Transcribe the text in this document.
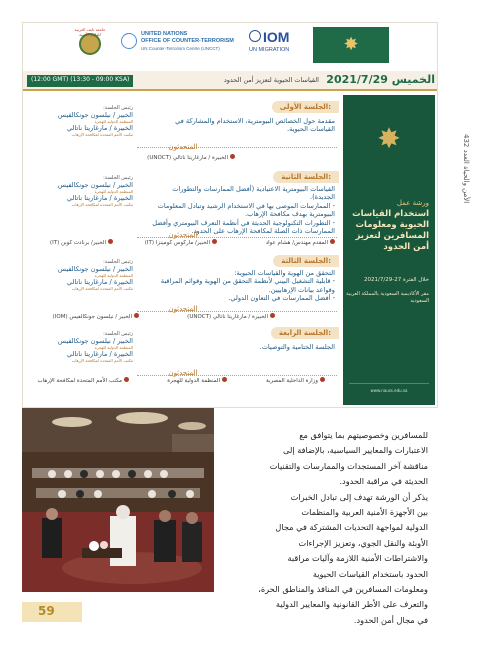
✸
IOM
UN MIGRATION
UNITED NATIONS
OFFICE OF COUNTER-TERRORISM
UN Counter-Terrorism Centre (UNCCT)
جامعة نايف العربية للعلوم الأمنية
الخميس 2021/7/29
القياسات الحيوية لتعزيز أمن الحدود
(12:00 GMT) (13:30 - 09:00 KSA)
✸
ورشة عمل
استخدام القياسات الحيوية ومعلومات المسافرين لتعزيز أمن الحدود
خلال الفترة 27-2021/7/29
مقر الأكاديمية السعودية بالمملكة العربية السعودية
www.nauss.edu.sa
الجلسة الأولى:
مقدمة حول الخصائص البيومترية، الاستخدام والمشاركة في
القياسات الحيوية.
رئيس الجلسة:
الخبير / نيلسون جونكالفيس
المنظمة الدولية للهجرة
الخبيرة / مارغاريتا ناتالي
مكتب الأمم المتحدة لمكافحة الإرهاب
المتحدثون
الخبيرة / مارغاريتا ناتالي (UNOCT)
الجلسة الثانية:
القياسات البيومترية الاعتيادية (أفضل الممارسات والتطورات
الجديدة).
- الممارسات الموصى بها في الاستخدام الرشيد وتبادل المعلومات
البيومترية بهدف مكافحة الإرهاب.
- التطورات التكنولوجية الحديثة في أنظمة التعرف البيومتري وأفضل
الممارسات ذات الصلة لمكافحة الإرهاب على الحدود.
رئيس الجلسة:
الخبير / نيلسون جونكالفيس
المنظمة الدولية للهجرة
الخبيرة / مارغاريتا ناتالي
مكتب الأمم المتحدة لمكافحة الإرهاب
المتحدثون
المقدم مهندس/ هشام عواد
الخبير/ ماركوس كومينزا (IT)
الخبير/ برنادت كوبن (IT)
الجلسة الثالثة:
التحقق من الهوية والقياسات الحيوية:
- قابلية التشغيل البيني لأنظمة التحقق من الهوية وقوائم المراقبة
وقواعد بيانات الإرهابيين.
- أفضل الممارسات في التعاون الدولي.
رئيس الجلسة:
الخبير / نيلسون جونكالفيس
المنظمة الدولية للهجرة
الخبيرة / مارغاريتا ناتالي
مكتب الأمم المتحدة لمكافحة الإرهاب
المتحدثون
الخبيرة / مارغاريتا ناتالي (UNOCT)
الخبير / نيلسون جونكالفيس (IOM)
الجلسة الرابعة:
الجلسة الختامية والتوصيات.
رئيس الجلسة:
الخبير / نيلسون جونكالفيس
المنظمة الدولية للهجرة
الخبيرة / مارغاريتا ناتالي
مكتب الأمم المتحدة لمكافحة الإرهاب
المتحدثون
وزارة الداخلية المصرية
المنظمة الدولية للهجرة
مكتب الأمم المتحدة لمكافحة الإرهاب
الأمن والحياة العدد 432
للمسافرين وخصوصيتهم بما يتوافق مع
الاعتبارات والمعايير السياسية، بالإضافة إلى
مناقشة آخر المستجدات والممارسات والتقنيات
الحديثة في مراقبة الحدود.
يذكر أن الورشة تهدف إلى تبادل الخبرات
بين الأجهزة الأمنية العربية والمنظمات
الدولية لمواجهة التحديات المشتركة في مجال
الأوبئة والنقل الجوي، وتعزيز الإجراءات
والاشتراطات الأمنية اللازمة وآليات مراقبة
الحدود باستخدام القياسات الحيوية
ومعلومات المسافرين في المنافذ والمناطق الحرة،
والتعرف على الأطر القانونية والمعايير الدولية
في مجال أمن الحدود.
59
